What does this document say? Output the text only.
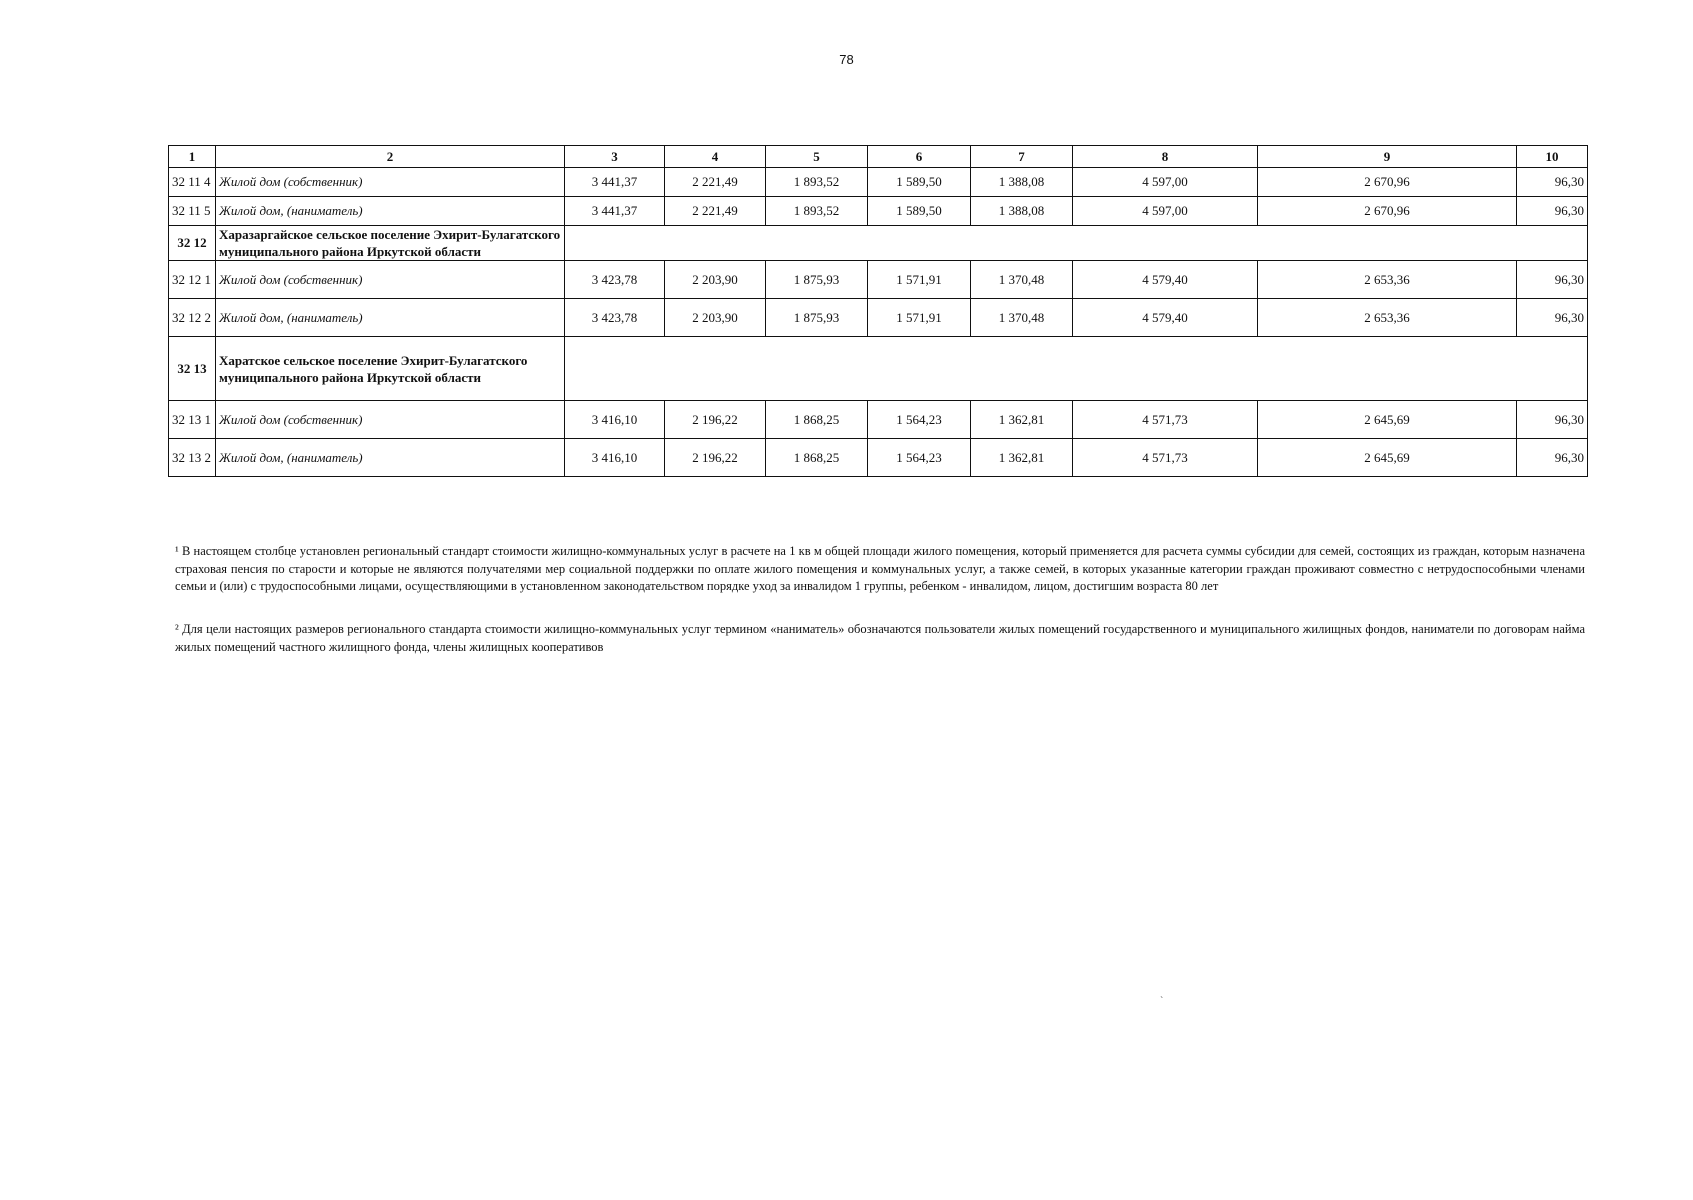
78
1	2	3	4	5	6	7	8	9	10
32 11 4	Жилой дом (собственник)	3 441,37	2 221,49	1 893,52	1 589,50	1 388,08	4 597,00	2 670,96	96,30
32 11 5	Жилой дом, (наниматель)	3 441,37	2 221,49	1 893,52	1 589,50	1 388,08	4 597,00	2 670,96	96,30
32 12	Харазаргайское сельское поселение Эхирит-Булагатского муниципального района Иркутской области								
32 12 1	Жилой дом (собственник)	3 423,78	2 203,90	1 875,93	1 571,91	1 370,48	4 579,40	2 653,36	96,30
32 12 2	Жилой дом, (наниматель)	3 423,78	2 203,90	1 875,93	1 571,91	1 370,48	4 579,40	2 653,36	96,30
32 13	Харатское сельское поселение Эхирит-Булагатского муниципального района Иркутской области								
32 13 1	Жилой дом (собственник)	3 416,10	2 196,22	1 868,25	1 564,23	1 362,81	4 571,73	2 645,69	96,30
32 13 2	Жилой дом, (наниматель)	3 416,10	2 196,22	1 868,25	1 564,23	1 362,81	4 571,73	2 645,69	96,30

¹ В настоящем столбце установлен региональный стандарт стоимости жилищно-коммунальных услуг в расчете на 1 кв м общей площади жилого помещения, который применяется для расчета суммы субсидии для семей, состоящих из граждан, которым назначена страховая пенсия по старости и которые не являются получателями мер социальной поддержки по оплате жилого помещения и коммунальных услуг, а также семей, в которых указанные категории граждан проживают совместно с нетрудоспособными членами семьи и (или) с трудоспособными лицами, осуществляющими в установленном законодательством порядке уход за инвалидом 1 группы, ребенком - инвалидом, лицом, достигшим возраста 80 лет

² Для цели настоящих размеров регионального стандарта стоимости жилищно-коммунальных услуг термином «наниматель» обозначаются пользователи жилых помещений государственного и муниципального жилищных фондов, наниматели по договорам найма жилых помещений частного жилищного фонда, члены жилищных кооперативов

`
